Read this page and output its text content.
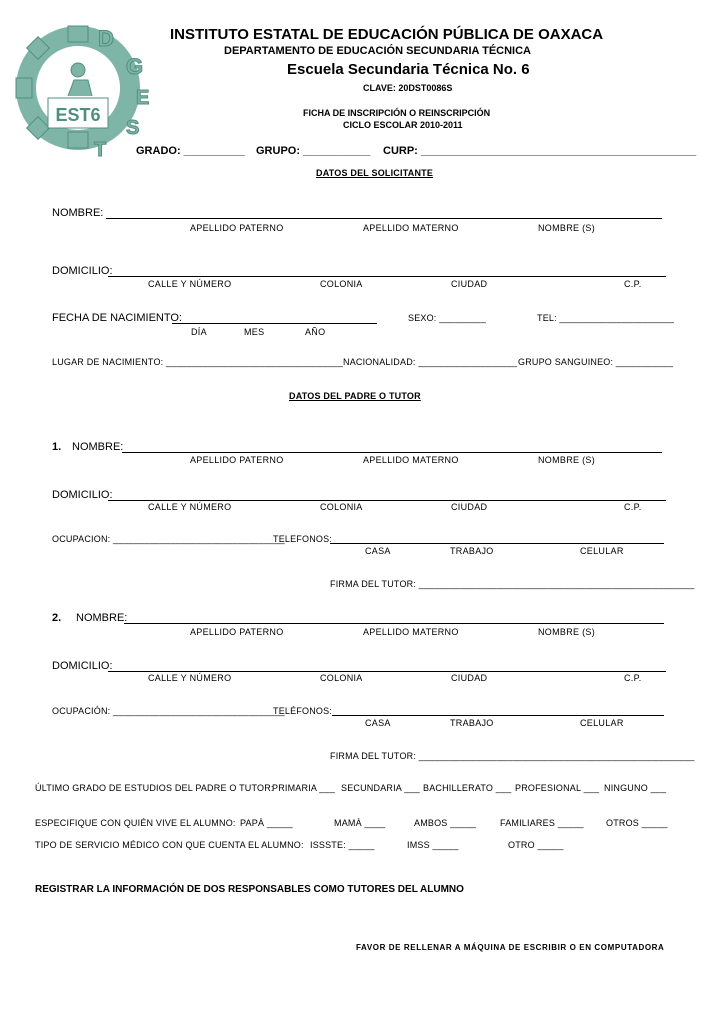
EST6
D
G
E
S
T
INSTITUTO ESTATAL DE EDUCACIÓN PÚBLICA DE OAXACA
DEPARTAMENTO DE EDUCACIÓN SECUNDARIA TÉCNICA
Escuela Secundaria Técnica No. 6
CLAVE: 20DST0086S
FICHA DE INSCRIPCIÓN O REINSCRIPCIÓN
CICLO ESCOLAR 2010-2011
GRADO: __________ GRUPO: ___________ CURP: _____________________________________________
DATOS DEL SOLICITANTE
NOMBRE:
APELLIDO PATERNO	APELLIDO MATERNO	NOMBRE (S)
DOMICILIO:
CALLE Y NÚMERO	COLONIA	CIUDAD	C.P.
FECHA DE NACIMIENTO:
DÍA	MES	AÑO
SEXO: _________	TEL: ______________________
LUGAR DE NACIMIENTO: __________________________________ NACIONALIDAD: ___________________ GRUPO SANGUINEO: ___________
DATOS DEL PADRE O TUTOR
1. NOMBRE:
APELLIDO PATERNO	APELLIDO MATERNO	NOMBRE (S)
DOMICILIO:
CALLE Y NÚMERO	COLONIA	CIUDAD	C.P.
OCUPACION: _________________________________
TELEFONOS:
CASA	TRABAJO	CELULAR
FIRMA DEL TUTOR: _____________________________________________________
2. NOMBRE:
APELLIDO PATERNO	APELLIDO MATERNO	NOMBRE (S)
DOMICILIO:
CALLE Y NÚMERO	COLONIA	CIUDAD	C.P.
OCUPACIÓN: _________________________________
TELÉFONOS:
CASA	TRABAJO	CELULAR
FIRMA DEL TUTOR: _____________________________________________________
ÚLTIMO GRADO DE ESTUDIOS DEL PADRE O TUTOR:
PRIMARIA ___ SECUNDARIA ___ BACHILLERATO ___ PROFESIONAL ___ NINGUNO ___
ESPECIFIQUE CON QUIÉN VIVE EL ALUMNO: PAPÀ _____	MAMÀ ____	AMBOS _____	FAMILIARES _____ OTROS _____
TIPO DE SERVICIO MÉDICO CON QUE CUENTA EL ALUMNO: ISSSTE: _____	IMSS _____	OTRO _____
REGISTRAR LA INFORMACIÓN DE DOS RESPONSABLES COMO TUTORES DEL ALUMNO
FAVOR DE RELLENAR A MÁQUINA DE ESCRIBIR O EN COMPUTADORA
